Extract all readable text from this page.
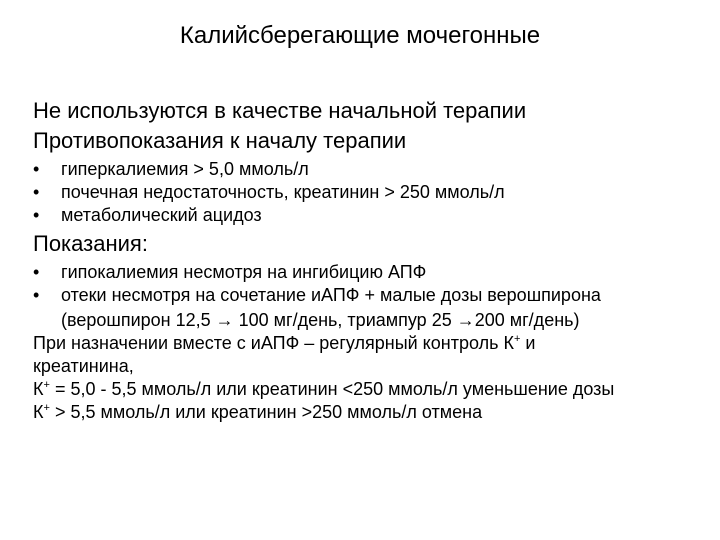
Калийсберегающие мочегонные
Не используются в качестве начальной терапии
Противопоказания к началу терапии
•	гиперкалиемия > 5,0 ммоль/л
•	почечная недостаточность, креатинин > 250 ммоль/л
•	метаболический ацидоз
Показания:
•	гипокалиемия несмотря на ингибицию АПФ
•	отеки несмотря на сочетание иАПФ + малые дозы верошпирона
(верошпирон 12,5 → 100 мг/день, триампур 25 →200 мг/день)
При назначении вместе с иАПФ – регулярный контроль К+ и
креатинина,
К+ = 5,0 - 5,5 ммоль/л или креатинин <250 ммоль/л уменьшение дозы
К+ > 5,5 ммоль/л или креатинин >250 ммоль/л отмена
